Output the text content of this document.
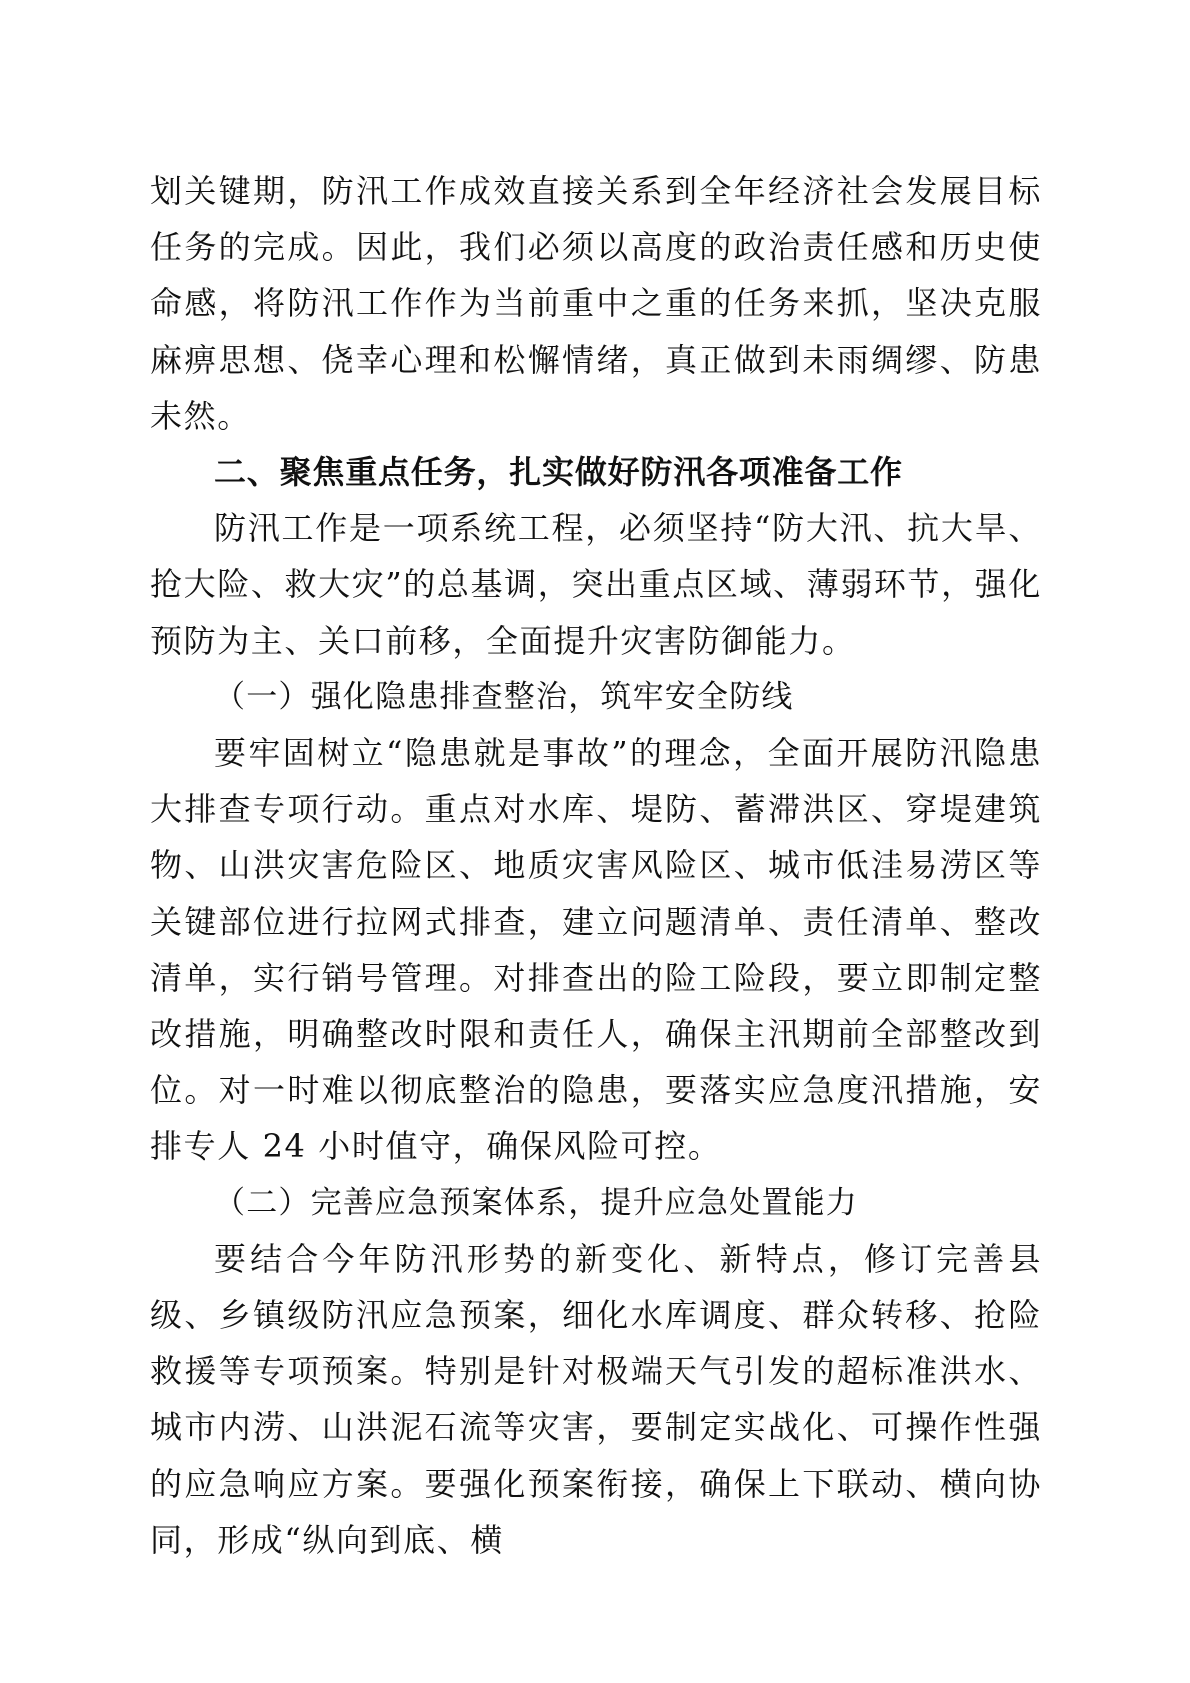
划关键期，防汛工作成效直接关系到全年经济社会发展目标任务的完成。因此，我们必须以高度的政治责任感和历史使命感，将防汛工作作为当前重中之重的任务来抓，坚决克服麻痹思想、侥幸心理和松懈情绪，真正做到未雨绸缪、防患未然。

二、聚焦重点任务，扎实做好防汛各项准备工作

防汛工作是一项系统工程，必须坚持“防大汛、抗大旱、抢大险、救大灾”的总基调，突出重点区域、薄弱环节，强化预防为主、关口前移，全面提升灾害防御能力。

（一）强化隐患排查整治，筑牢安全防线

要牢固树立“隐患就是事故”的理念，全面开展防汛隐患大排查专项行动。重点对水库、堤防、蓄滞洪区、穿堤建筑物、山洪灾害危险区、地质灾害风险区、城市低洼易涝区等关键部位进行拉网式排查，建立问题清单、责任清单、整改清单，实行销号管理。对排查出的险工险段，要立即制定整改措施，明确整改时限和责任人，确保主汛期前全部整改到位。对一时难以彻底整治的隐患，要落实应急度汛措施，安排专人 24 小时值守，确保风险可控。

（二）完善应急预案体系，提升应急处置能力

要结合今年防汛形势的新变化、新特点，修订完善县级、乡镇级防汛应急预案，细化水库调度、群众转移、抢险救援等专项预案。特别是针对极端天气引发的超标准洪水、城市内涝、山洪泥石流等灾害，要制定实战化、可操作性强的应急响应方案。要强化预案衔接，确保上下联动、横向协同，形成“纵向到底、横
